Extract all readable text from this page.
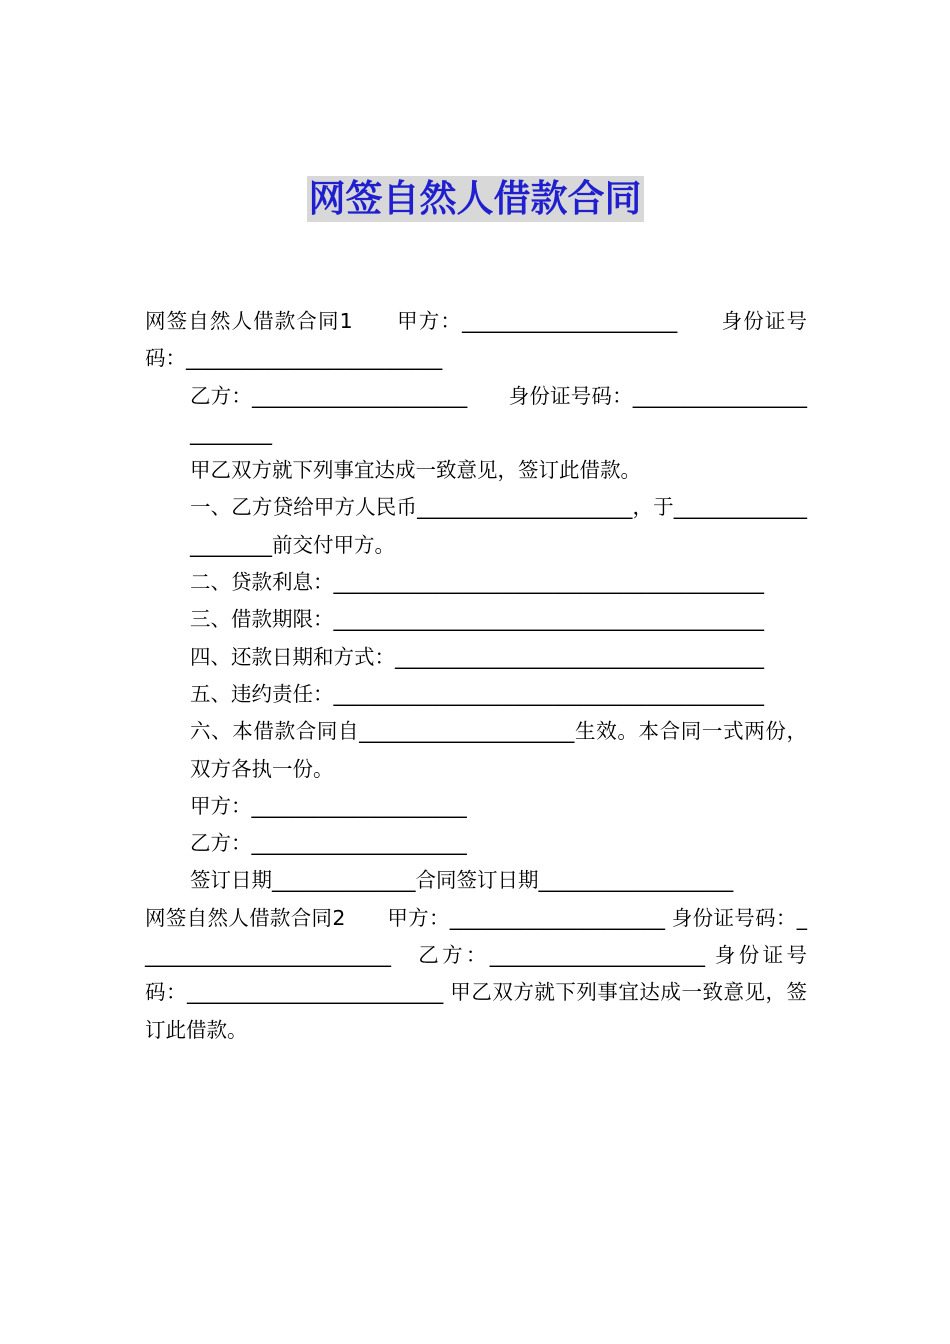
网签自然人借款合同

网签自然人借款合同1　　甲方：_____________________　　身份证号码：_________________________

乙方：_____________________　　身份证号码：_________________________

甲乙双方就下列事宜达成一致意见，签订此借款。

一、乙方贷给甲方人民币_____________________，于_____________________前交付甲方。

二、贷款利息：__________________________________________

三、借款期限：__________________________________________

四、还款日期和方式：____________________________________

五、违约责任：__________________________________________

六、本借款合同自_____________________生效。本合同一式两份，双方各执一份。

甲方：_____________________

乙方：_____________________

签订日期______________合同签订日期___________________

网签自然人借款合同2　　甲方：_____________________ 身份证号码：_________________________　乙方：_____________________ 身份证号码：_________________________ 甲乙双方就下列事宜达成一致意见，签订此借款。
